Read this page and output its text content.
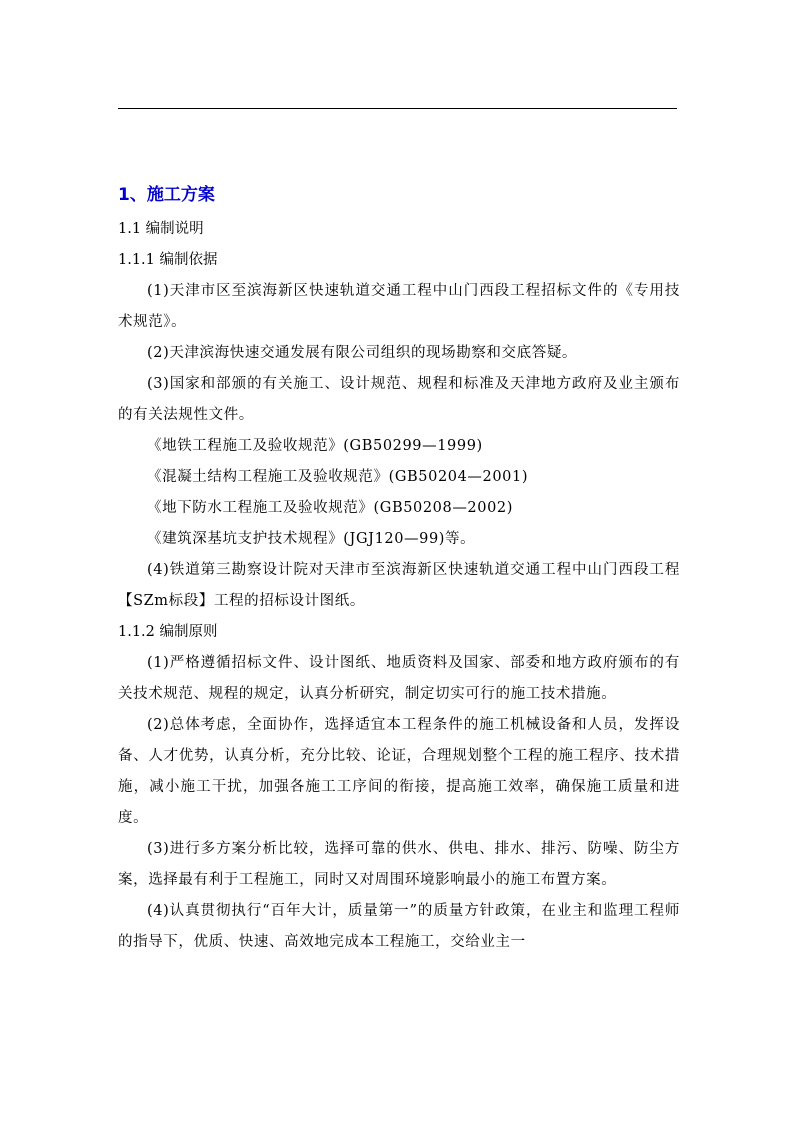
1、施工方案
1.1 编制说明
1.1.1 编制依据

(1)天津市区至滨海新区快速轨道交通工程中山门西段工程招标文件的《专用技术规范》。

(2)天津滨海快速交通发展有限公司组织的现场勘察和交底答疑。

(3)国家和部颁的有关施工、设计规范、规程和标准及天津地方政府及业主颁布的有关法规性文件。

《地铁工程施工及验收规范》(GB50299—1999)

《混凝土结构工程施工及验收规范》(GB50204—2001)

《地下防水工程施工及验收规范》(GB50208—2002)

《建筑深基坑支护技术规程》(JGJ120—99)等。

(4)铁道第三勘察设计院对天津市至滨海新区快速轨道交通工程中山门西段工程【SZm标段】工程的招标设计图纸。

1.1.2 编制原则

(1)严格遵循招标文件、设计图纸、地质资料及国家、部委和地方政府颁布的有关技术规范、规程的规定，认真分析研究，制定切实可行的施工技术措施。

(2)总体考虑，全面协作，选择适宜本工程条件的施工机械设备和人员，发挥设备、人才优势，认真分析，充分比较、论证，合理规划整个工程的施工程序、技术措施，减小施工干扰，加强各施工工序间的衔接，提高施工效率，确保施工质量和进度。

(3)进行多方案分析比较，选择可靠的供水、供电、排水、排污、防噪、防尘方案，选择最有利于工程施工，同时又对周围环境影响最小的施工布置方案。

(4)认真贯彻执行“百年大计，质量第一”的质量方针政策，在业主和监理工程师的指导下，优质、快速、高效地完成本工程施工，交给业主一
